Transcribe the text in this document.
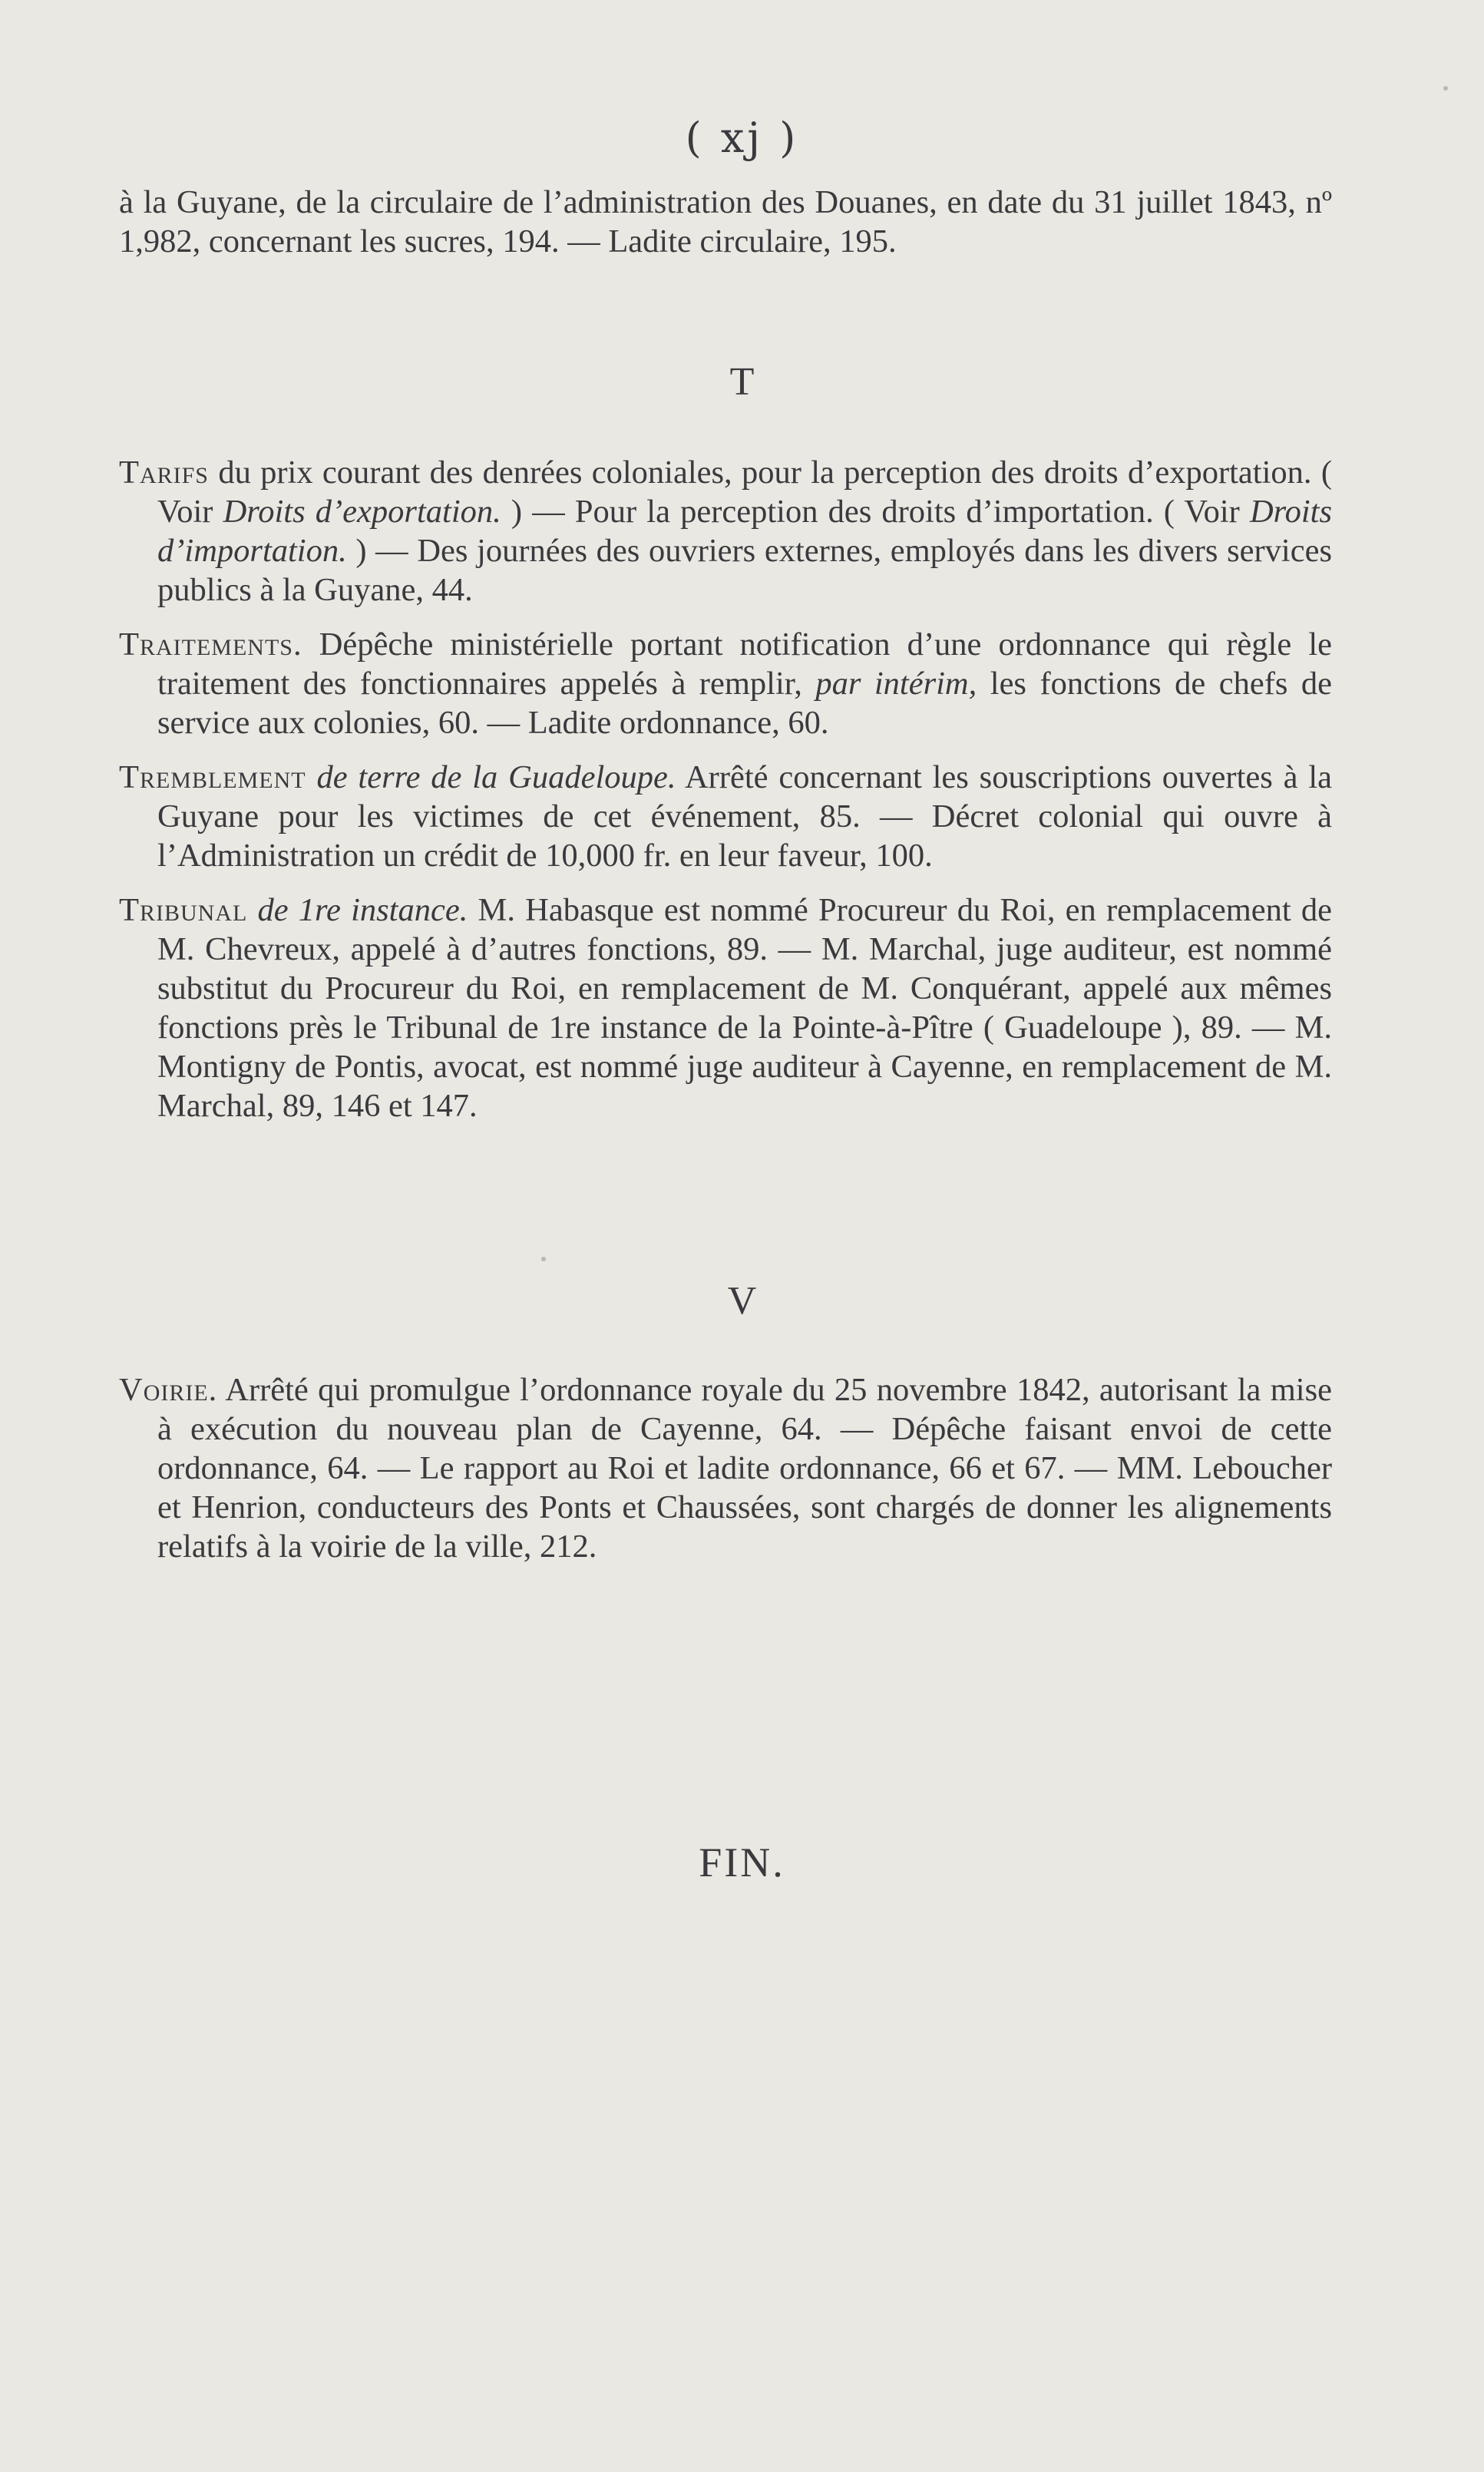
( xj )

à la Guyane, de la circulaire de l’administration des Douanes, en date du 31 juillet 1843, nº 1,982, concernant les sucres, 194. — Ladite circulaire, 195.

T

Tarifs du prix courant des denrées coloniales, pour la perception des droits d’exportation. ( Voir Droits d’exportation. ) — Pour la perception des droits d’importation. ( Voir Droits d’importation. ) — Des journées des ouvriers externes, employés dans les divers services publics à la Guyane, 44.

Traitements. Dépêche ministérielle portant notification d’une ordonnance qui règle le traitement des fonctionnaires appelés à remplir, par intérim, les fonctions de chefs de service aux colonies, 60. — Ladite ordonnance, 60.

Tremblement de terre de la Guadeloupe. Arrêté concernant les souscriptions ouvertes à la Guyane pour les victimes de cet événement, 85. — Décret colonial qui ouvre à l’Administration un crédit de 10,000 fr. en leur faveur, 100.

Tribunal de 1re instance. M. Habasque est nommé Procureur du Roi, en remplacement de M. Chevreux, appelé à d’autres fonctions, 89. — M. Marchal, juge auditeur, est nommé substitut du Procureur du Roi, en remplacement de M. Conquérant, appelé aux mêmes fonctions près le Tribunal de 1re instance de la Pointe-à-Pître ( Guadeloupe ), 89. — M. Montigny de Pontis, avocat, est nommé juge auditeur à Cayenne, en remplacement de M. Marchal, 89, 146 et 147.

V

Voirie. Arrêté qui promulgue l’ordonnance royale du 25 novembre 1842, autorisant la mise à exécution du nouveau plan de Cayenne, 64. — Dépêche faisant envoi de cette ordonnance, 64. — Le rapport au Roi et ladite ordonnance, 66 et 67. — MM. Leboucher et Henrion, conducteurs des Ponts et Chaussées, sont chargés de donner les alignements relatifs à la voirie de la ville, 212.

FIN.
